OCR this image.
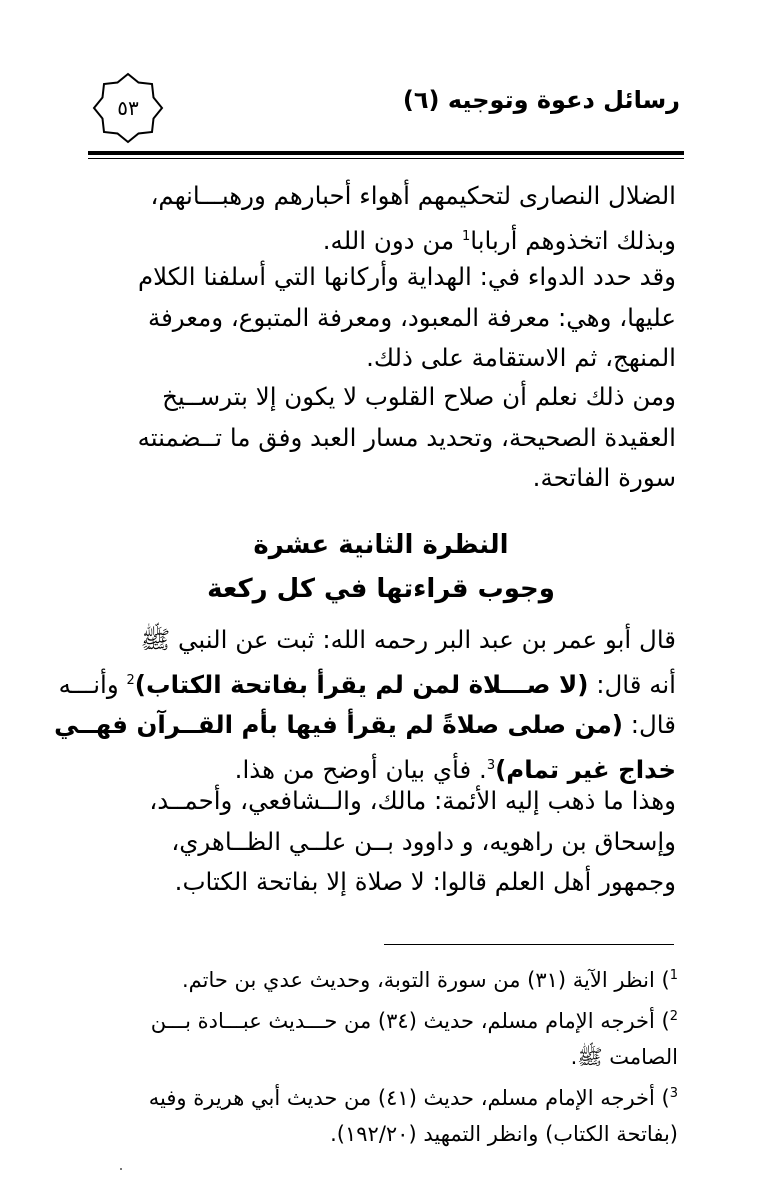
رسائل دعوة وتوجيه (٦)
٥٣
الضلال النصارى لتحكيمهم أهواء أحبارهم ورهبـــانهم،
وبذلك اتخذوهم أربابا$^1$ من دون الله.
وقد حدد الدواء في: الهداية وأركانها التي أسلفنا الكلام
عليها، وهي: معرفة المعبود، ومعرفة المتبوع، ومعرفة
المنهج، ثم الاستقامة على ذلك.
ومن ذلك نعلم أن صلاح القلوب لا يكون إلا بترســيخ
العقيدة الصحيحة، وتحديد مسار العبد وفق ما تــضمنته
سورة الفاتحة.
النظرة الثانية عشرة
وجوب قراءتها في كل ركعة
قال أبو عمر بن عبد البر رحمه الله: ثبت عن النبي ﷺ
أنه قال: (لا صـــلاة لمن لم يقرأ بفاتحة الكتاب)$^2$ وأنـــه
قال: (من صلى صلاةً لم يقرأ فيها بأم القــرآن فهــي
خداج غير تمام)$^3$. فأي بيان أوضح من هذا.
وهذا ما ذهب إليه الأئمة: مالك، والــشافعي، وأحمــد،
وإسحاق بن راهويه، و داوود بــن علــي الظــاهري،
وجمهور أهل العلم قالوا: لا صلاة إلا بفاتحة الكتاب.
$^1$) انظر الآية (٣١) من سورة التوبة، وحديث عدي بن حاتم.
$^2$) أخرجه الإمام مسلم، حديث (٣٤) من حـــديث عبـــادة بـــن
الصامت ﷺ.
$^3$) أخرجه الإمام مسلم، حديث (٤١) من حديث أبي هريرة وفيه
(بفاتحة الكتاب) وانظر التمهيد (١٩٢/٢٠).
